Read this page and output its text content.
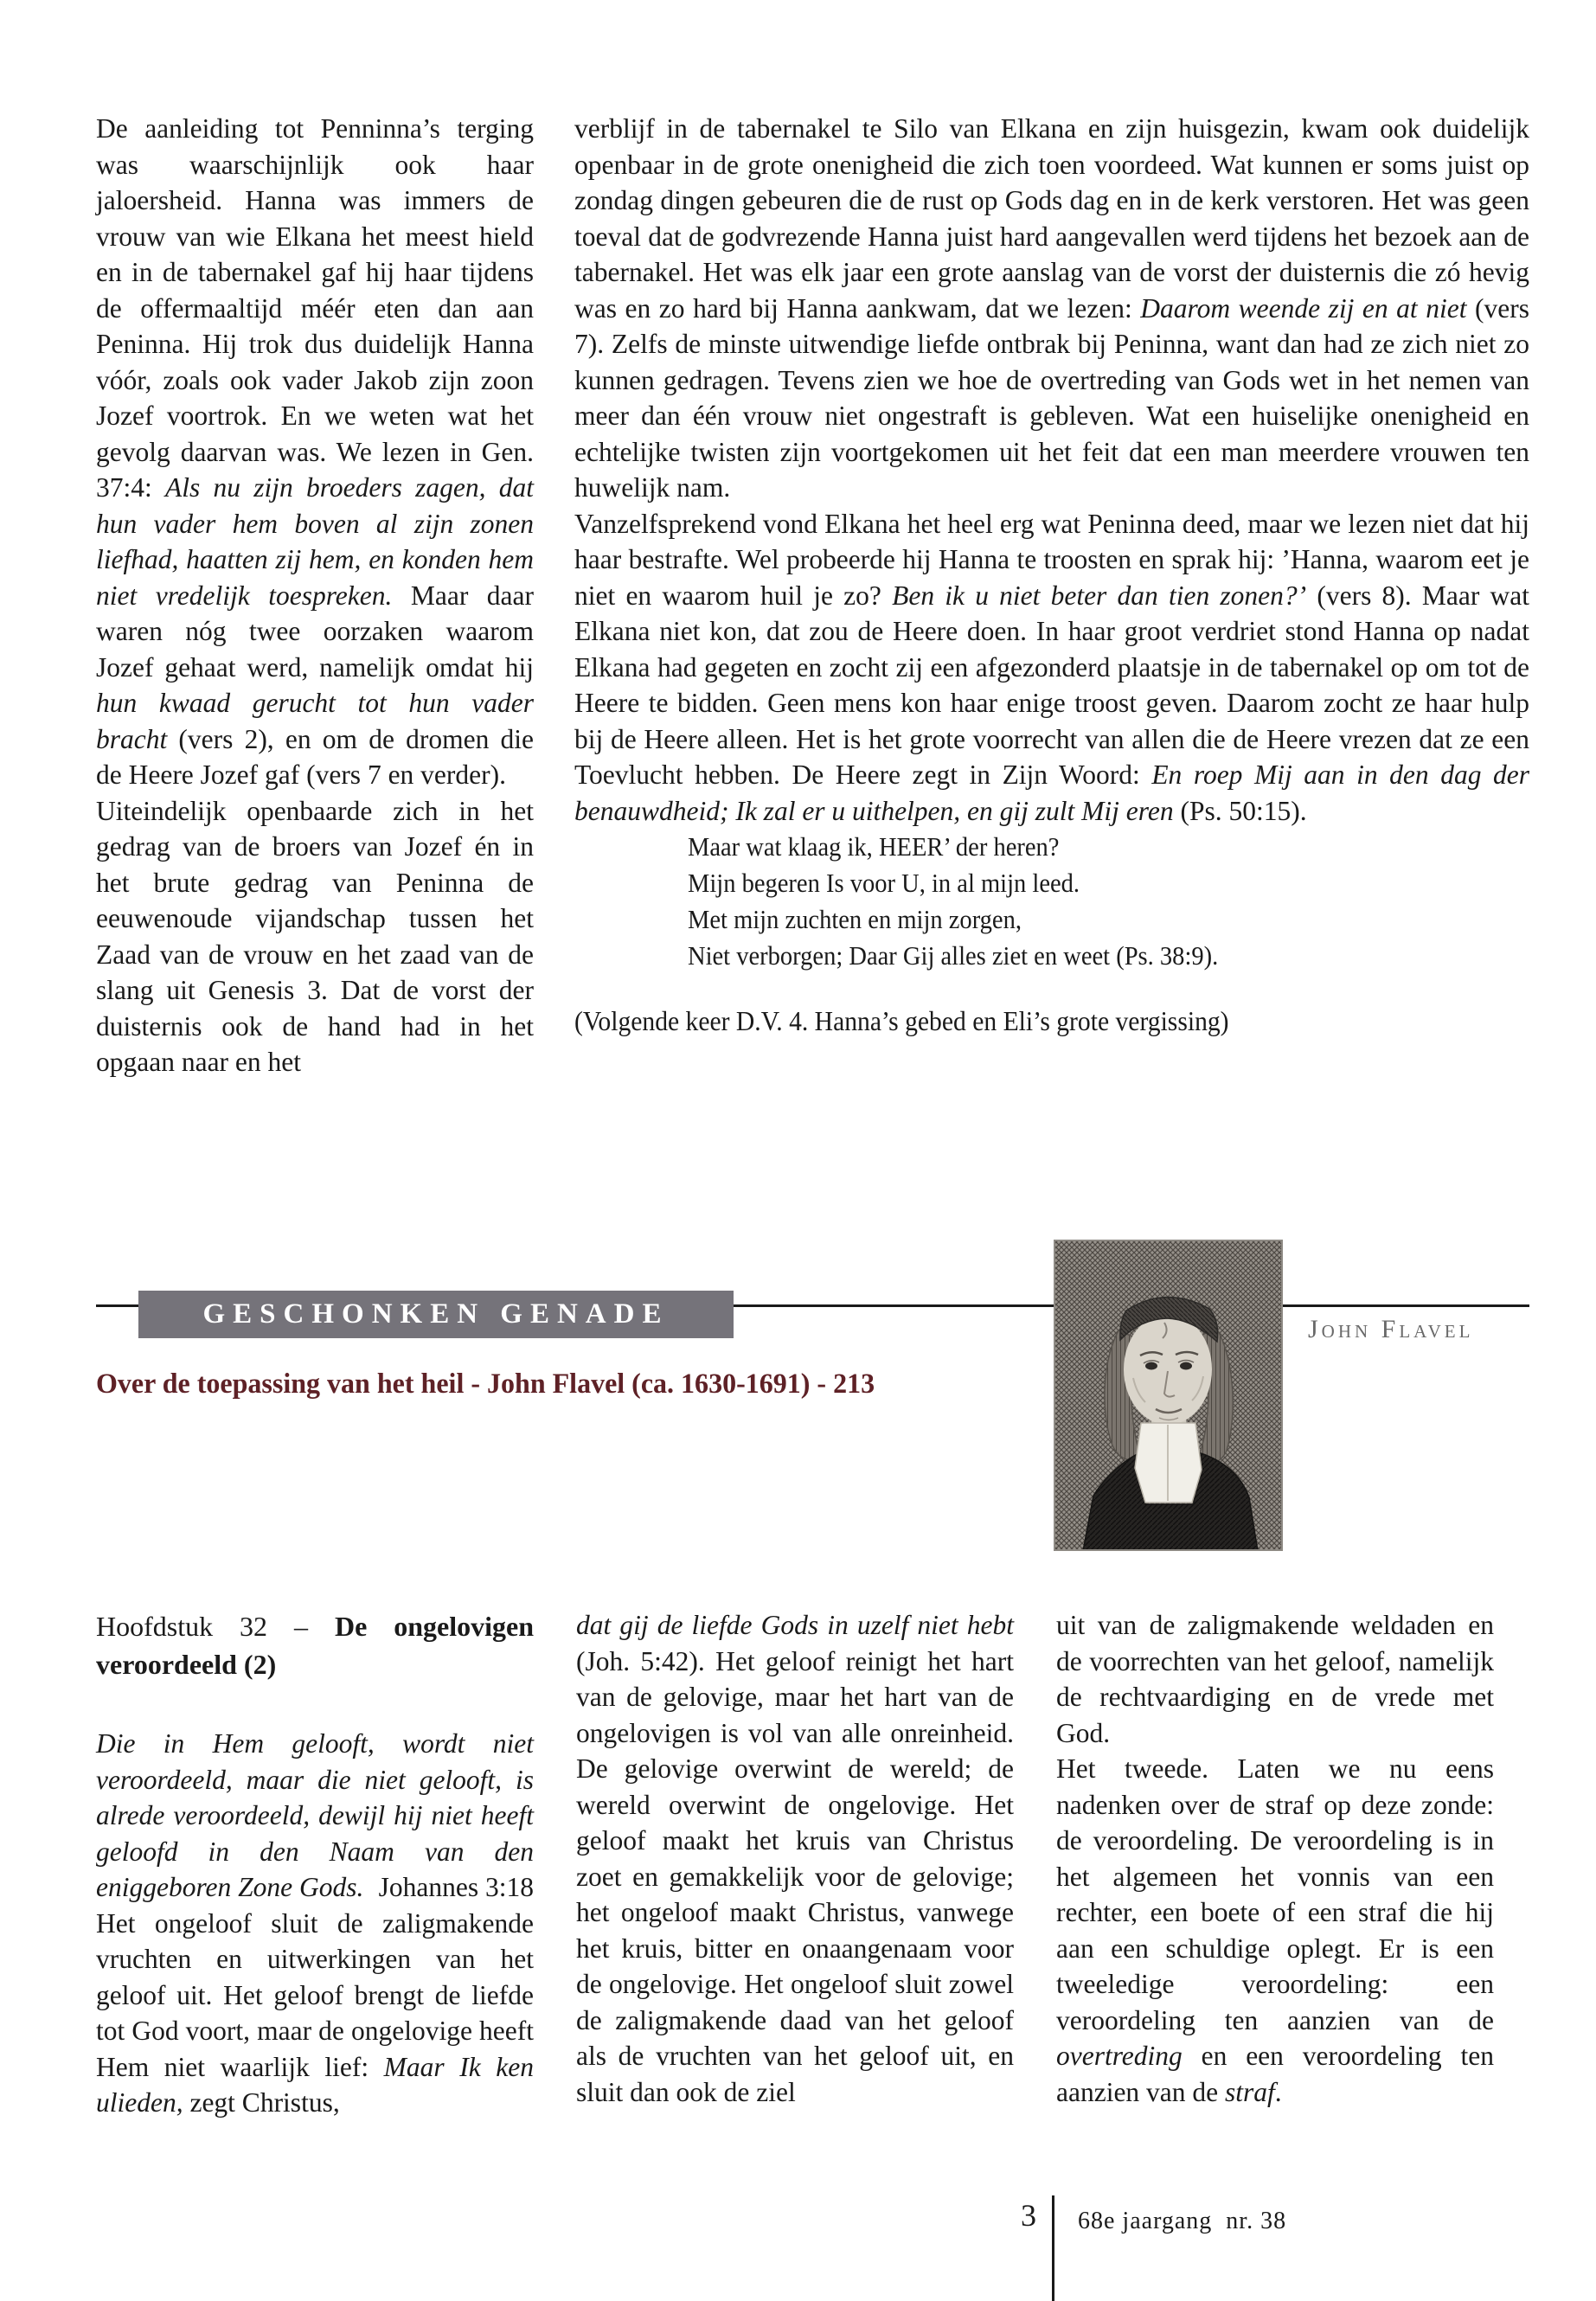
De aanleiding tot Penninna’s terging was waarschijnlijk ook haar jaloersheid. Hanna was immers de vrouw van wie Elkana het meest hield en in de tabernakel gaf hij haar tijdens de offermaaltijd méér eten dan aan Peninna. Hij trok dus duidelijk Hanna vóór, zoals ook vader Jakob zijn zoon Jozef voortrok. En we weten wat het gevolg daarvan was. We lezen in Gen. 37:4: Als nu zijn broeders zagen, dat hun vader hem boven al zijn zonen liefhad, haatten zij hem, en konden hem niet vredelijk toespreken. Maar daar waren nóg twee oorzaken waarom Jozef gehaat werd, namelijk omdat hij hun kwaad gerucht tot hun vader bracht (vers 2), en om de dromen die de Heere Jozef gaf (vers 7 en verder).

Uiteindelijk openbaarde zich in het gedrag van de broers van Jozef én in het brute gedrag van Peninna de eeuwenoude vijandschap tussen het Zaad van de vrouw en het zaad van de slang uit Genesis 3. Dat de vorst der duisternis ook de hand had in het opgaan naar en het

verblijf in de tabernakel te Silo van Elkana en zijn huisgezin, kwam ook duidelijk openbaar in de grote onenigheid die zich toen voordeed. Wat kunnen er soms juist op zondag dingen gebeuren die de rust op Gods dag en in de kerk verstoren. Het was geen toeval dat de godvrezende Hanna juist hard aangevallen werd tijdens het bezoek aan de tabernakel. Het was elk jaar een grote aanslag van de vorst der duisternis die zó hevig was en zo hard bij Hanna aankwam, dat we lezen: Daarom weende zij en at niet (vers 7). Zelfs de minste uitwendige liefde ontbrak bij Peninna, want dan had ze zich niet zo kunnen gedragen. Tevens zien we hoe de overtreding van Gods wet in het nemen van meer dan één vrouw niet ongestraft is gebleven. Wat een huiselijke onenigheid en echtelijke twisten zijn voortgekomen uit het feit dat een man meerdere vrouwen ten huwelijk nam.

Vanzelfsprekend vond Elkana het heel erg wat Peninna deed, maar we lezen niet dat hij haar bestrafte. Wel probeerde hij Hanna te troosten en sprak hij: ’Hanna, waarom eet je niet en waarom huil je zo? Ben ik u niet beter dan tien zonen?’ (vers 8). Maar wat Elkana niet kon, dat zou de Heere doen. In haar groot verdriet stond Hanna op nadat Elkana had gegeten en zocht zij een afgezonderd plaatsje in de tabernakel op om tot de Heere te bidden. Geen mens kon haar enige troost geven. Daarom zocht ze haar hulp bij de Heere alleen. Het is het grote voorrecht van allen die de Heere vrezen dat ze een Toevlucht hebben. De Heere zegt in Zijn Woord: En roep Mij aan in den dag der benauwdheid; Ik zal er u uithelpen, en gij zult Mij eren (Ps. 50:15).

Maar wat klaag ik, HEER’ der heren?
Mijn begeren Is voor U, in al mijn leed.
Met mijn zuchten en mijn zorgen,
Niet verborgen; Daar Gij alles ziet en weet (Ps. 38:9).
(Volgende keer D.V. 4. Hanna’s gebed en Eli’s grote vergissing)
GESCHONKEN GENADE
Over de toepassing van het heil - John Flavel (ca. 1630-1691) - 213
John Flavel

Hoofdstuk 32 – De ongelovigen veroordeeld (2)

Die in Hem gelooft, wordt niet veroordeeld, maar die niet gelooft, is alrede veroordeeld, dewijl hij niet heeft geloofd in den Naam van den eniggeboren Zone Gods. Johannes 3:18

Het ongeloof sluit de zaligmakende vruchten en uitwerkingen van het geloof uit. Het geloof brengt de liefde tot God voort, maar de ongelovige heeft Hem niet waarlijk lief: Maar Ik ken ulieden, zegt Christus,

dat gij de liefde Gods in uzelf niet hebt (Joh. 5:42). Het geloof reinigt het hart van de gelovige, maar het hart van de ongelovigen is vol van alle onreinheid. De gelovige overwint de wereld; de wereld overwint de ongelovige. Het geloof maakt het kruis van Christus zoet en gemakkelijk voor de gelovige; het ongeloof maakt Christus, vanwege het kruis, bitter en onaangenaam voor de ongelovige. Het ongeloof sluit zowel de zaligmakende daad van het geloof als de vruchten van het geloof uit, en sluit dan ook de ziel

uit van de zaligmakende weldaden en de voorrechten van het geloof, namelijk de rechtvaardiging en de vrede met God.

Het tweede. Laten we nu eens nadenken over de straf op deze zonde: de veroordeling. De veroordeling is in het algemeen het vonnis van een rechter, een boete of een straf die hij aan een schuldige oplegt. Er is een tweeledige veroordeling: een veroordeling ten aanzien van de overtreding en een veroordeling ten aanzien van de straf.

3 68e jaargang  nr. 38
